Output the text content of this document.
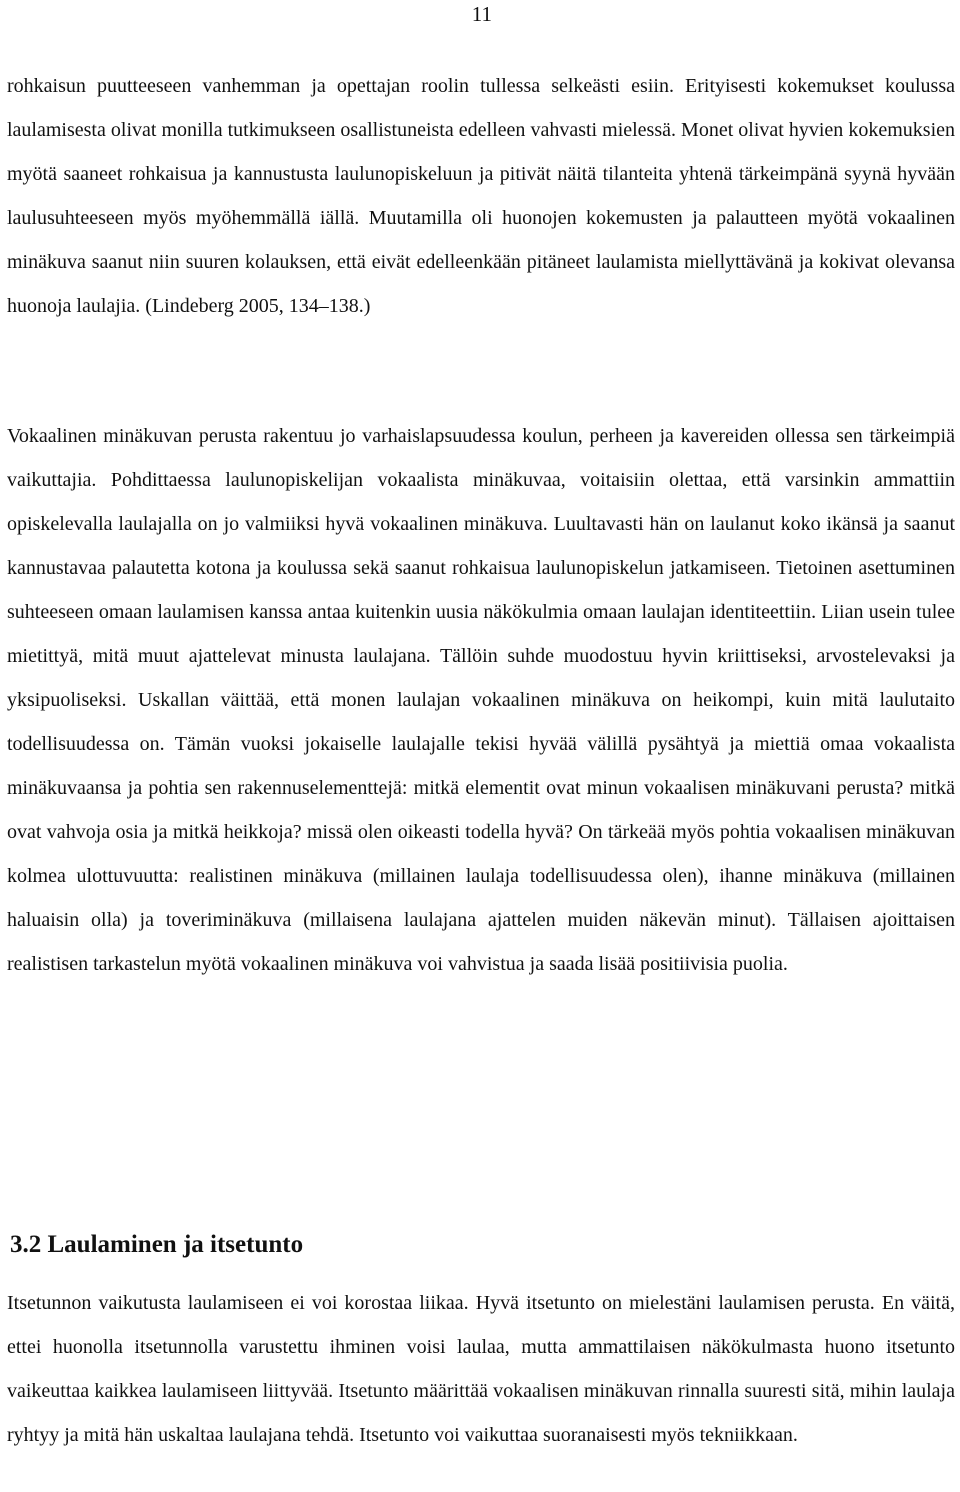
11

rohkaisun puutteeseen vanhemman ja opettajan roolin tullessa selkeästi esiin. Erityisesti kokemukset koulussa laulamisesta olivat monilla tutkimukseen osallistuneista edelleen vahvasti mielessä. Monet olivat hyvien kokemuksien myötä saaneet rohkaisua ja kannustusta laulunopiskeluun ja pitivät näitä tilanteita yhtenä tärkeimpänä syynä hyvään laulusuhteeseen myös myöhemmällä iällä. Muutamilla oli huonojen kokemusten ja palautteen myötä vokaalinen minäkuva saanut niin suuren kolauksen, että eivät edelleenkään pitäneet laulamista miellyttävänä ja kokivat olevansa huonoja laulajia. (Lindeberg 2005, 134–138.)

Vokaalinen minäkuvan perusta rakentuu jo varhaislapsuudessa koulun, perheen ja kavereiden ollessa sen tärkeimpiä vaikuttajia. Pohdittaessa laulunopiskelijan vokaalista minäkuvaa, voitaisiin olettaa, että varsinkin ammattiin opiskelevalla laulajalla on jo valmiiksi hyvä vokaalinen minäkuva. Luultavasti hän on laulanut koko ikänsä ja saanut kannustavaa palautetta kotona ja koulussa sekä saanut rohkaisua laulunopiskelun jatkamiseen. Tietoinen asettuminen suhteeseen omaan laulamisen kanssa antaa kuitenkin uusia näkökulmia omaan laulajan identiteettiin. Liian usein tulee mietittyä, mitä muut ajattelevat minusta laulajana. Tällöin suhde muodostuu hyvin kriittiseksi, arvostelevaksi ja yksipuoliseksi. Uskallan väittää, että monen laulajan vokaalinen minäkuva on heikompi, kuin mitä laulutaito todellisuudessa on. Tämän vuoksi jokaiselle laulajalle tekisi hyvää välillä pysähtyä ja miettiä omaa vokaalista minäkuvaansa ja pohtia sen rakennuselementtejä: mitkä elementit ovat minun vokaalisen minäkuvani perusta? mitkä ovat vahvoja osia ja mitkä heikkoja? missä olen oikeasti todella hyvä? On tärkeää myös pohtia vokaalisen minäkuvan kolmea ulottuvuutta: realistinen minäkuva (millainen laulaja todellisuudessa olen), ihanne minäkuva (millainen haluaisin olla) ja toveriminäkuva (millaisena laulajana ajattelen muiden näkevän minut). Tällaisen ajoittaisen realistisen tarkastelun myötä vokaalinen minäkuva voi vahvistua ja saada lisää positiivisia puolia.

3.2 Laulaminen ja itsetunto

Itsetunnon vaikutusta laulamiseen ei voi korostaa liikaa. Hyvä itsetunto on mielestäni laulamisen perusta. En väitä, ettei huonolla itsetunnolla varustettu ihminen voisi laulaa, mutta ammattilaisen näkökulmasta huono itsetunto vaikeuttaa kaikkea laulamiseen liittyvää. Itsetunto määrittää vokaalisen minäkuvan rinnalla suuresti sitä, mihin laulaja ryhtyy ja mitä hän uskaltaa laulajana tehdä. Itsetunto voi vaikuttaa suoranaisesti myös tekniikkaan.
